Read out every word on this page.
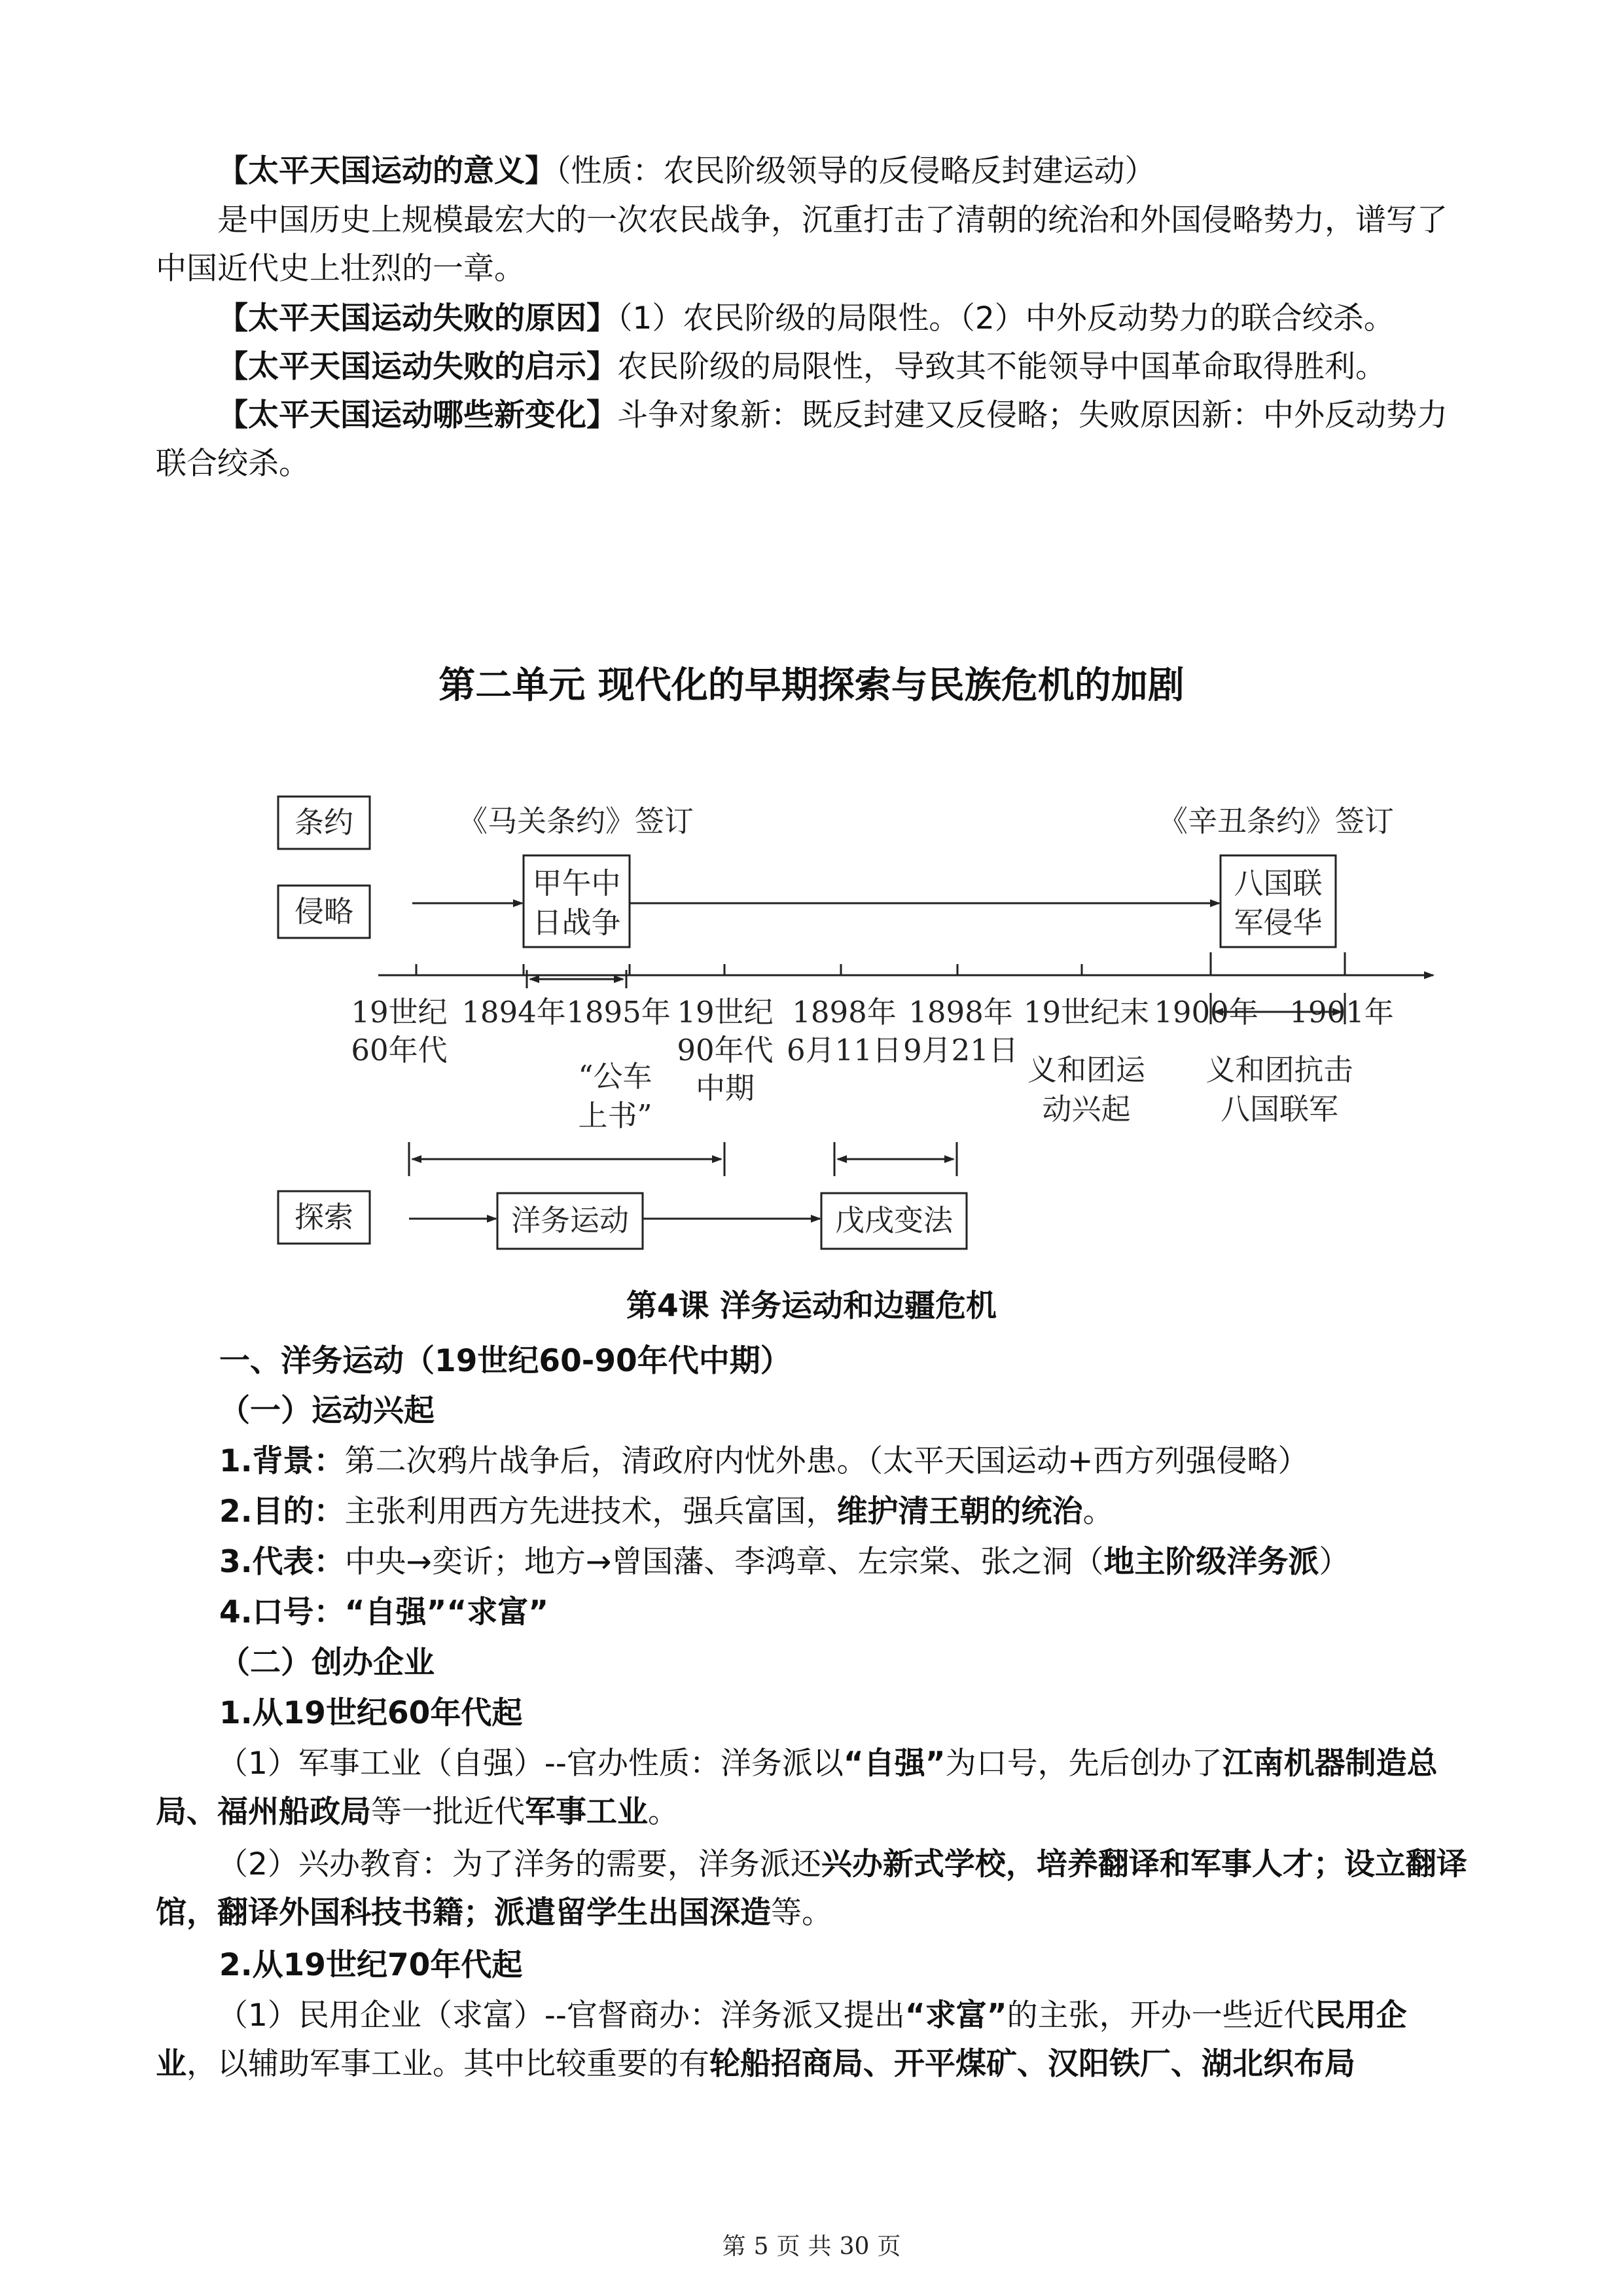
【太平天国运动的意义】（性质：农民阶级领导的反侵略反封建运动）

是中国历史上规模最宏大的一次农民战争，沉重打击了清朝的统治和外国侵略势力，谱写了中国近代史上壮烈的一章。

【太平天国运动失败的原因】（1）农民阶级的局限性。（2）中外反动势力的联合绞杀。

【太平天国运动失败的启示】农民阶级的局限性，导致其不能领导中国革命取得胜利。

【太平天国运动哪些新变化】斗争对象新：既反封建又反侵略；失败原因新：中外反动势力联合绞杀。

第二单元 现代化的早期探索与民族危机的加剧
条约
侵略
探索
《马关条约》签订	《辛丑条约》签订
甲午中
日战争
八国联
军侵华
19世纪
60年代
1894年 1895年 19世纪
90年代
中期
1898年
6月11日
1898年
9月21日
19世纪末 1900年 1901年
“公车
上书”
义和团运
动兴起
义和团抗击
八国联军
洋务运动	戊戌变法
第4课 洋务运动和边疆危机

一、洋务运动（19世纪60-90年代中期）

（一）运动兴起

1.背景：第二次鸦片战争后，清政府内忧外患。（太平天国运动+西方列强侵略）

2.目的：主张利用西方先进技术，强兵富国，维护清王朝的统治。

3.代表：中央→奕䜣；地方→曾国藩、李鸿章、左宗棠、张之洞（地主阶级洋务派）

4.口号：“自强”“求富”

（二）创办企业

1.从19世纪60年代起

（1）军事工业（自强）--官办性质：洋务派以“自强”为口号，先后创办了江南机器制造总局、福州船政局等一批近代军事工业。

（2）兴办教育：为了洋务的需要，洋务派还兴办新式学校，培养翻译和军事人才；设立翻译馆，翻译外国科技书籍；派遣留学生出国深造等。

2.从19世纪70年代起

（1）民用企业（求富）--官督商办：洋务派又提出“求富”的主张，开办一些近代民用企业，以辅助军事工业。其中比较重要的有轮船招商局、开平煤矿、汉阳铁厂、湖北织布局

第 5 页 共 30 页
